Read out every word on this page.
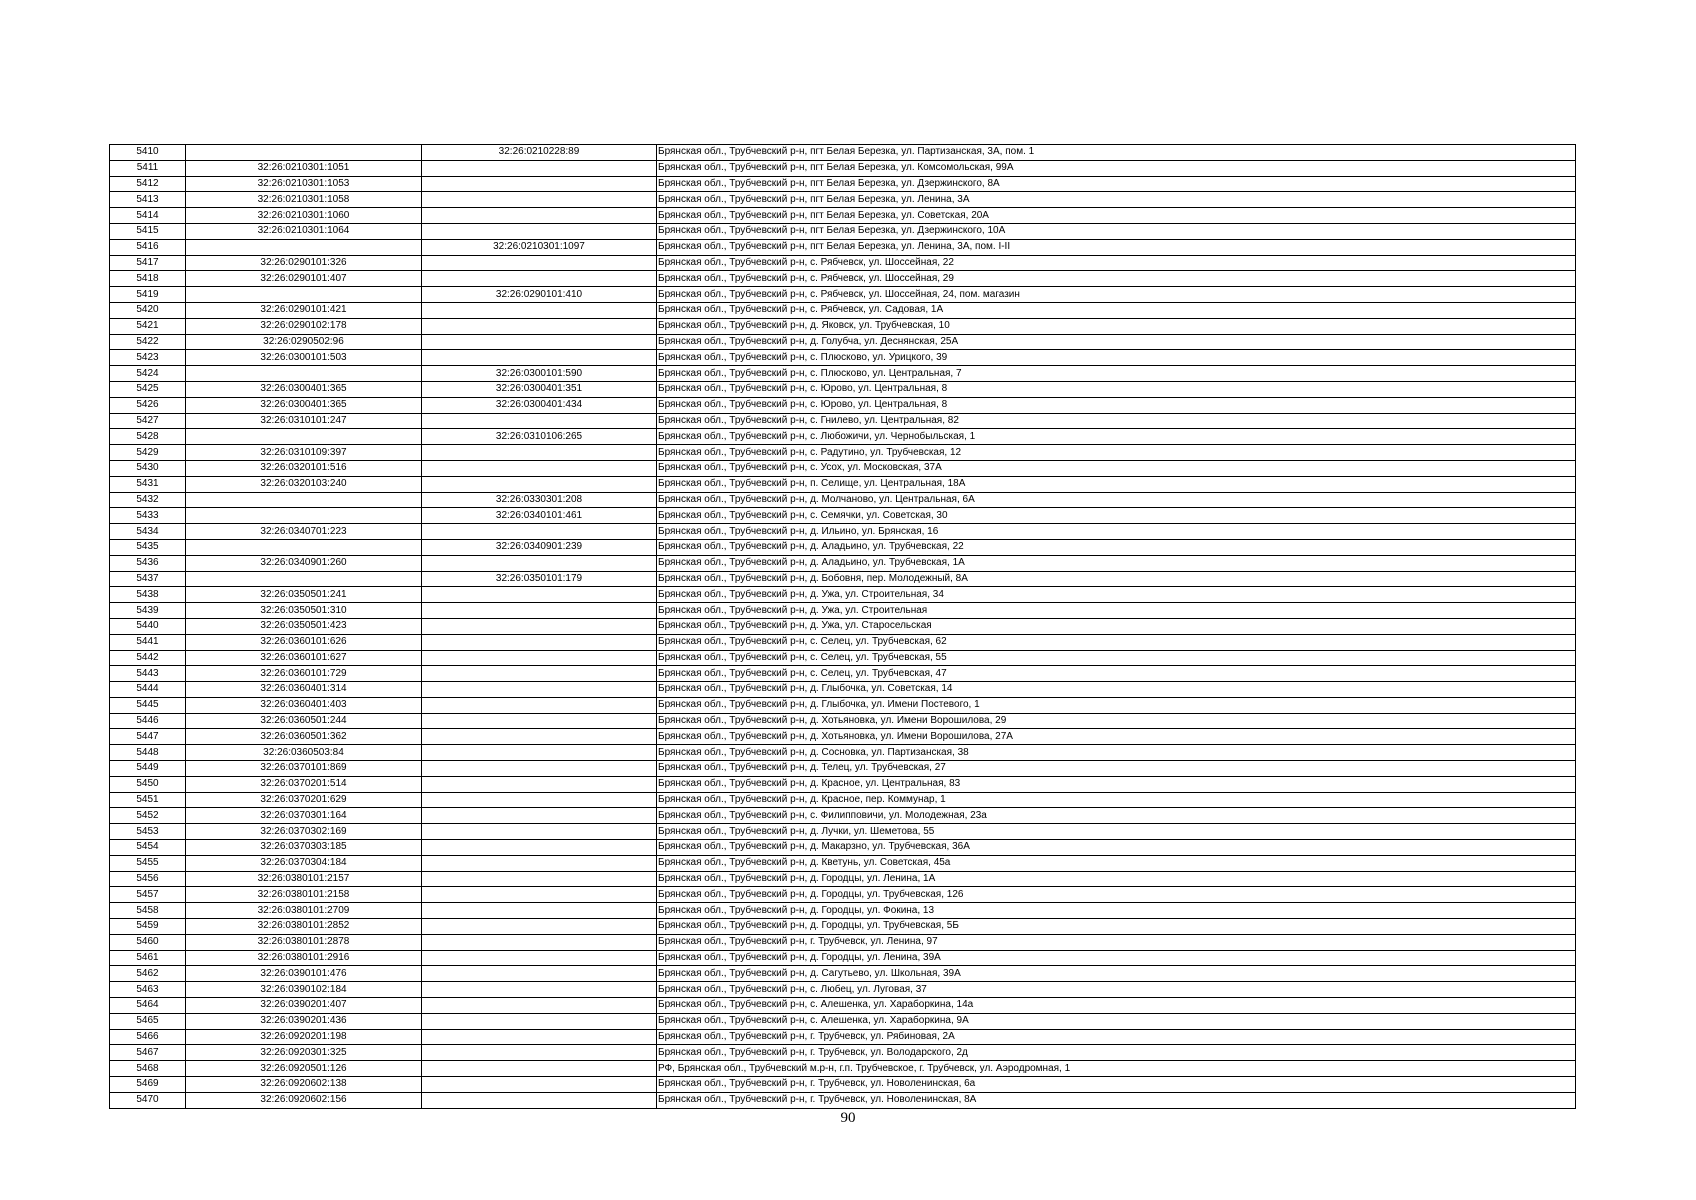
5410		32:26:0210228:89	Брянская обл., Трубчевский р-н, пгт Белая Березка, ул. Партизанская, 3А, пом. 1
5411	32:26:0210301:1051		Брянская обл., Трубчевский р-н, пгт Белая Березка, ул. Комсомольская, 99А
5412	32:26:0210301:1053		Брянская обл., Трубчевский р-н, пгт Белая Березка, ул. Дзержинского, 8А
5413	32:26:0210301:1058		Брянская обл., Трубчевский р-н, пгт Белая Березка, ул. Ленина, 3А
5414	32:26:0210301:1060		Брянская обл., Трубчевский р-н, пгт Белая Березка, ул. Советская, 20А
5415	32:26:0210301:1064		Брянская обл., Трубчевский р-н, пгт Белая Березка, ул. Дзержинского, 10А
5416		32:26:0210301:1097	Брянская обл., Трубчевский р-н, пгт Белая Березка, ул. Ленина, 3А, пом. I-II
5417	32:26:0290101:326		Брянская обл., Трубчевский р-н, с. Рябчевск, ул. Шоссейная, 22
5418	32:26:0290101:407		Брянская обл., Трубчевский р-н, с. Рябчевск, ул. Шоссейная, 29
5419		32:26:0290101:410	Брянская обл., Трубчевский р-н, с. Рябчевск, ул. Шоссейная, 24, пом. магазин
5420	32:26:0290101:421		Брянская обл., Трубчевский р-н, с. Рябчевск, ул. Садовая, 1А
5421	32:26:0290102:178		Брянская обл., Трубчевский р-н, д. Яковск, ул. Трубчевская, 10
5422	32:26:0290502:96		Брянская обл., Трубчевский р-н, д. Голубча, ул. Деснянская, 25А
5423	32:26:0300101:503		Брянская обл., Трубчевский р-н, с. Плюсково, ул. Урицкого, 39
5424		32:26:0300101:590	Брянская обл., Трубчевский р-н, с. Плюсково, ул. Центральная, 7
5425	32:26:0300401:365	32:26:0300401:351	Брянская обл., Трубчевский р-н, с. Юрово, ул. Центральная, 8
5426	32:26:0300401:365	32:26:0300401:434	Брянская обл., Трубчевский р-н, с. Юрово, ул. Центральная, 8
5427	32:26:0310101:247		Брянская обл., Трубчевский р-н, с. Гнилево, ул. Центральная, 82
5428		32:26:0310106:265	Брянская обл., Трубчевский р-н, с. Любожичи, ул. Чернобыльская, 1
5429	32:26:0310109:397		Брянская обл., Трубчевский р-н, с. Радутино, ул. Трубчевская, 12
5430	32:26:0320101:516		Брянская обл., Трубчевский р-н, с. Усох, ул. Московская, 37А
5431	32:26:0320103:240		Брянская обл., Трубчевский р-н, п. Селище, ул. Центральная, 18А
5432		32:26:0330301:208	Брянская обл., Трубчевский р-н, д. Молчаново, ул. Центральная, 6А
5433		32:26:0340101:461	Брянская обл., Трубчевский р-н, с. Семячки, ул. Советская, 30
5434	32:26:0340701:223		Брянская обл., Трубчевский р-н, д. Ильино, ул. Брянская, 16
5435		32:26:0340901:239	Брянская обл., Трубчевский р-н, д. Аладьино, ул. Трубчевская, 22
5436	32:26:0340901:260		Брянская обл., Трубчевский р-н, д. Аладьино, ул. Трубчевская, 1А
5437		32:26:0350101:179	Брянская обл., Трубчевский р-н, д. Бобовня, пер. Молодежный, 8А
5438	32:26:0350501:241		Брянская обл., Трубчевский р-н, д. Ужа, ул. Строительная, 34
5439	32:26:0350501:310		Брянская обл., Трубчевский р-н, д. Ужа, ул. Строительная
5440	32:26:0350501:423		Брянская обл., Трубчевский р-н, д. Ужа, ул. Старосельская
5441	32:26:0360101:626		Брянская обл., Трубчевский р-н, с. Селец, ул. Трубчевская, 62
5442	32:26:0360101:627		Брянская обл., Трубчевский р-н, с. Селец, ул. Трубчевская, 55
5443	32:26:0360101:729		Брянская обл., Трубчевский р-н, с. Селец, ул. Трубчевская, 47
5444	32:26:0360401:314		Брянская обл., Трубчевский р-н, д. Глыбочка, ул. Советская, 14
5445	32:26:0360401:403		Брянская обл., Трубчевский р-н, д. Глыбочка, ул. Имени Постевого, 1
5446	32:26:0360501:244		Брянская обл., Трубчевский р-н, д. Хотьяновка, ул. Имени Ворошилова, 29
5447	32:26:0360501:362		Брянская обл., Трубчевский р-н, д. Хотьяновка, ул. Имени Ворошилова, 27А
5448	32:26:0360503:84		Брянская обл., Трубчевский р-н, д. Сосновка, ул. Партизанская, 38
5449	32:26:0370101:869		Брянская обл., Трубчевский р-н, д. Телец, ул. Трубчевская, 27
5450	32:26:0370201:514		Брянская обл., Трубчевский р-н, д. Красное, ул. Центральная, 83
5451	32:26:0370201:629		Брянская обл., Трубчевский р-н, д. Красное, пер. Коммунар, 1
5452	32:26:0370301:164		Брянская обл., Трубчевский р-н, с. Филипповичи, ул. Молодежная, 23а
5453	32:26:0370302:169		Брянская обл., Трубчевский р-н, д. Лучки, ул. Шеметова, 55
5454	32:26:0370303:185		Брянская обл., Трубчевский р-н, д. Макарзно, ул. Трубчевская, 36А
5455	32:26:0370304:184		Брянская обл., Трубчевский р-н, д. Кветунь, ул. Советская, 45а
5456	32:26:0380101:2157		Брянская обл., Трубчевский р-н, д. Городцы, ул. Ленина, 1А
5457	32:26:0380101:2158		Брянская обл., Трубчевский р-н, д. Городцы, ул. Трубчевская, 126
5458	32:26:0380101:2709		Брянская обл., Трубчевский р-н, д. Городцы, ул. Фокина, 13
5459	32:26:0380101:2852		Брянская обл., Трубчевский р-н, д. Городцы, ул. Трубчевская, 5Б
5460	32:26:0380101:2878		Брянская обл., Трубчевский р-н, г. Трубчевск, ул. Ленина, 97
5461	32:26:0380101:2916		Брянская обл., Трубчевский р-н, д. Городцы, ул. Ленина, 39А
5462	32:26:0390101:476		Брянская обл., Трубчевский р-н, д. Сагутьево, ул. Школьная, 39А
5463	32:26:0390102:184		Брянская обл., Трубчевский р-н, с. Любец, ул. Луговая, 37
5464	32:26:0390201:407		Брянская обл., Трубчевский р-н, с. Алешенка, ул. Хараборкина, 14а
5465	32:26:0390201:436		Брянская обл., Трубчевский р-н, с. Алешенка, ул. Хараборкина, 9А
5466	32:26:0920201:198		Брянская обл., Трубчевский р-н, г. Трубчевск, ул. Рябиновая, 2А
5467	32:26:0920301:325		Брянская обл., Трубчевский р-н, г. Трубчевск, ул. Володарского, 2д
5468	32:26:0920501:126		РФ, Брянская обл., Трубчевский м.р-н, г.п. Трубчевское, г. Трубчевск, ул. Аэродромная, 1
5469	32:26:0920602:138		Брянская обл., Трубчевский р-н, г. Трубчевск, ул. Новоленинская, 6а
5470	32:26:0920602:156		Брянская обл., Трубчевский р-н, г. Трубчевск, ул. Новоленинская, 8А
90
